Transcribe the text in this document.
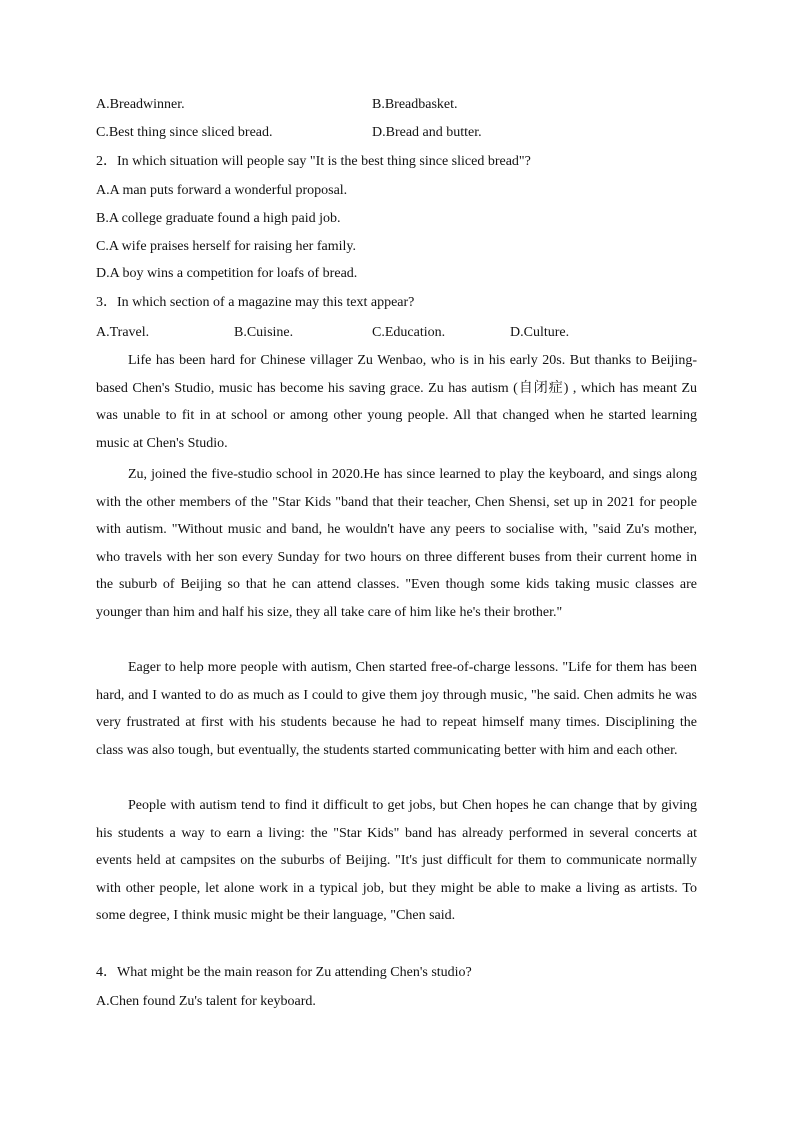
A.Breadwinner.	B.Breadbasket.
C.Best thing since sliced bread.	D.Bread and butter.
2．In which situation will people say "It is the best thing since sliced bread"?
A.A man puts forward a wonderful proposal.
B.A college graduate found a high paid job.
C.A wife praises herself for raising her family.
D.A boy wins a competition for loafs of bread.
3．In which section of a magazine may this text appear?
A.Travel.	B.Cuisine.	C.Education.	D.Culture.
Life has been hard for Chinese villager Zu Wenbao, who is in his early 20s. But thanks to Beijing-based Chen's Studio, music has become his saving grace. Zu has autism (自闭症) , which has meant Zu was unable to fit in at school or among other young people. All that changed when he started learning music at Chen's Studio.
Zu, joined the five-studio school in 2020.He has since learned to play the keyboard, and sings along with the other members of the "Star Kids "band that their teacher, Chen Shensi, set up in 2021 for people with autism. "Without music and band, he wouldn't have any peers to socialise with, "said Zu's mother, who travels with her son every Sunday for two hours on three different buses from their current home in the suburb of Beijing so that he can attend classes. "Even though some kids taking music classes are younger than him and half his size, they all take care of him like he's their brother."
Eager to help more people with autism, Chen started free-of-charge lessons. "Life for them has been hard, and I wanted to do as much as I could to give them joy through music, "he said. Chen admits he was very frustrated at first with his students because he had to repeat himself many times. Disciplining the class was also tough, but eventually, the students started communicating better with him and each other.
People with autism tend to find it difficult to get jobs, but Chen hopes he can change that by giving his students a way to earn a living: the "Star Kids" band has already performed in several concerts at events held at campsites on the suburbs of Beijing. "It's just difficult for them to communicate normally with other people, let alone work in a typical job, but they might be able to make a living as artists. To some degree, I think music might be their language, "Chen said.
4．What might be the main reason for Zu attending Chen's studio?
A.Chen found Zu's talent for keyboard.
